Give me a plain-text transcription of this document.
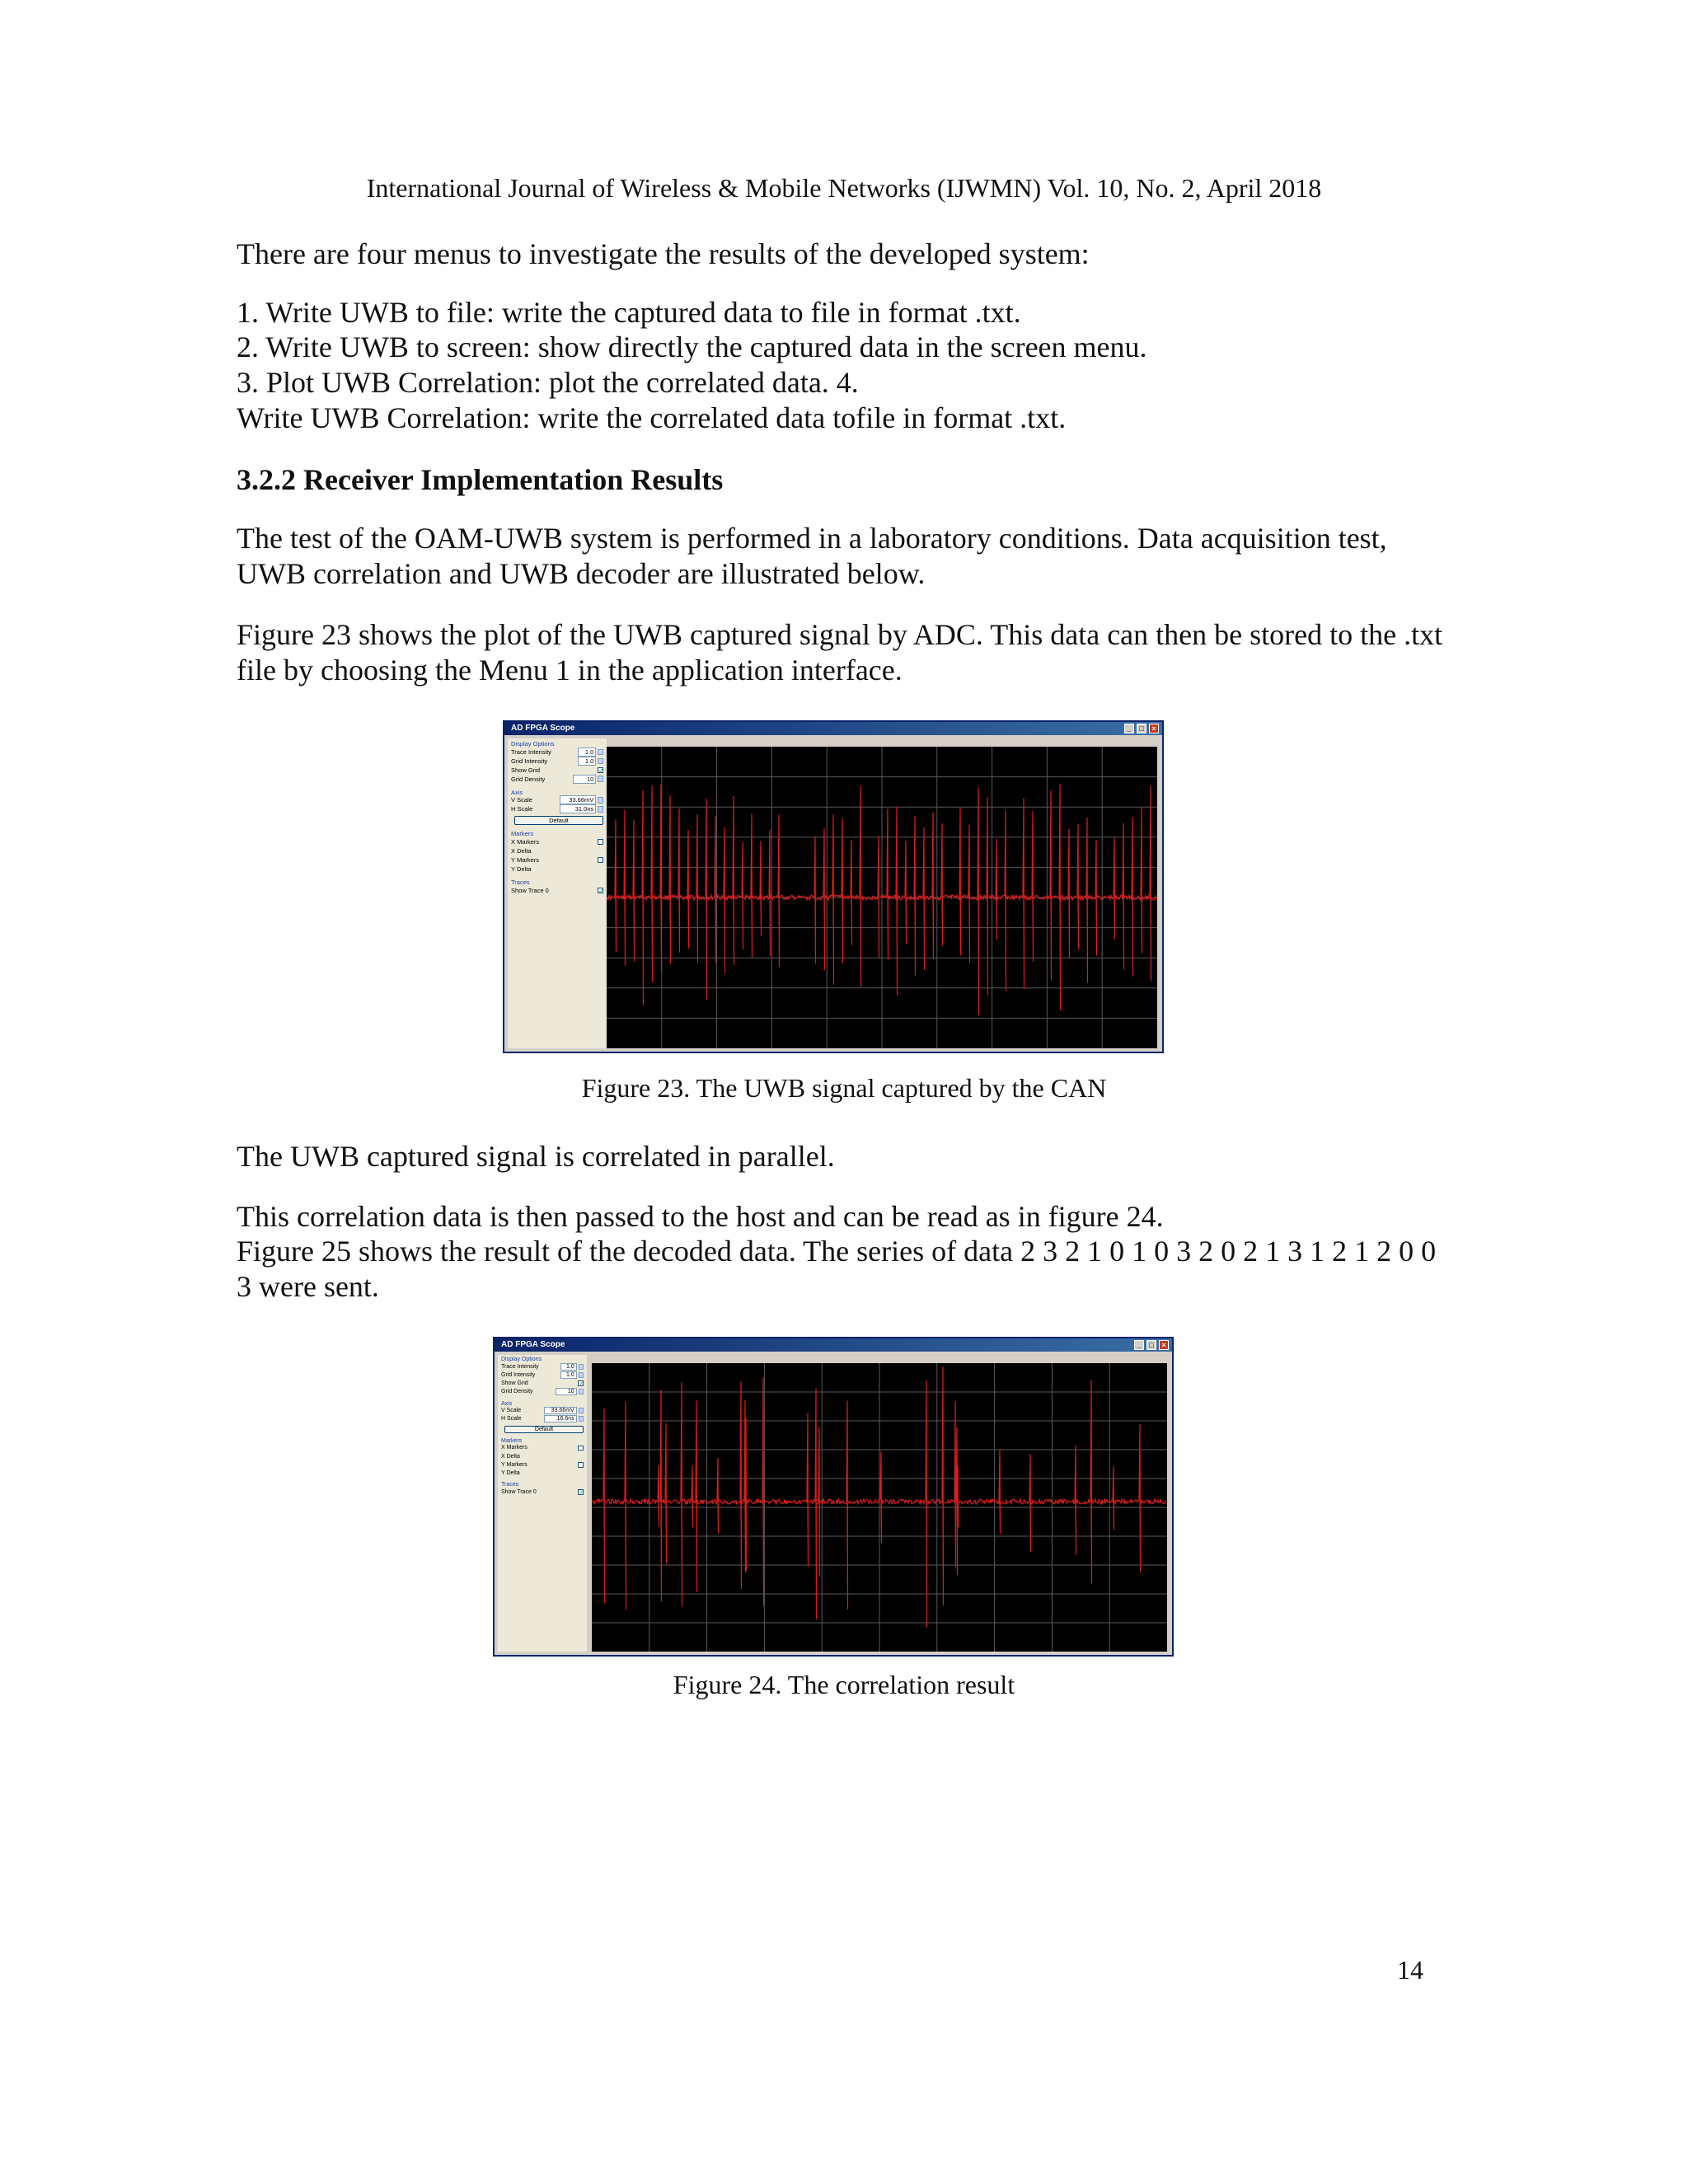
International Journal of Wireless & Mobile Networks (IJWMN) Vol. 10, No. 2, April 2018

There are four menus to investigate the results of the developed system:

1. Write UWB to file: write the captured data to file in format .txt.

2. Write UWB to screen: show directly the captured data in the screen menu.

3. Plot UWB Correlation: plot the correlated data. 4.

Write UWB Correlation: write the correlated data tofile in format .txt.

3.2.2 Receiver Implementation Results

The test of the OAM-UWB system is performed in a laboratory conditions. Data acquisition test, UWB correlation and UWB decoder are illustrated below.

Figure 23 shows the plot of the UWB captured signal by ADC. This data can then be stored to the .txt file by choosing the Menu 1 in the application interface.

AD FPGA Scope	_	□	×
Display Options
Trace Intensity	1.0
Grid Intensity	1.0
Show Grid
✓
Grid Density	10
Axis
V Scale	33.66mV
H Scale	31.0ns
Default
Markers
X Markers
X Delta
Y Markers
Y Delta
Traces
Show Trace 0
✓
Figure 23. The UWB signal captured by the CAN

The UWB captured signal is correlated in parallel.

This correlation data is then passed to the host and can be read as in figure 24.

Figure 25 shows the result of the decoded data. The series of data 2 3 2 1 0 1 0 3 2 0 2 1 3 1 2 1 2 0 0 3 were sent.

AD FPGA Scope	_	□	×
Display Options
Trace Intensity	1.0
Grid Intensity	1.0
Show Grid
✓
Grid Density	10
Axis
V Scale	33.66mV
H Scale	16.6ns
Default
Markers
X Markers
X Delta
Y Markers
Y Delta
Traces
Show Trace 0
✓
Figure 24. The correlation result
14
